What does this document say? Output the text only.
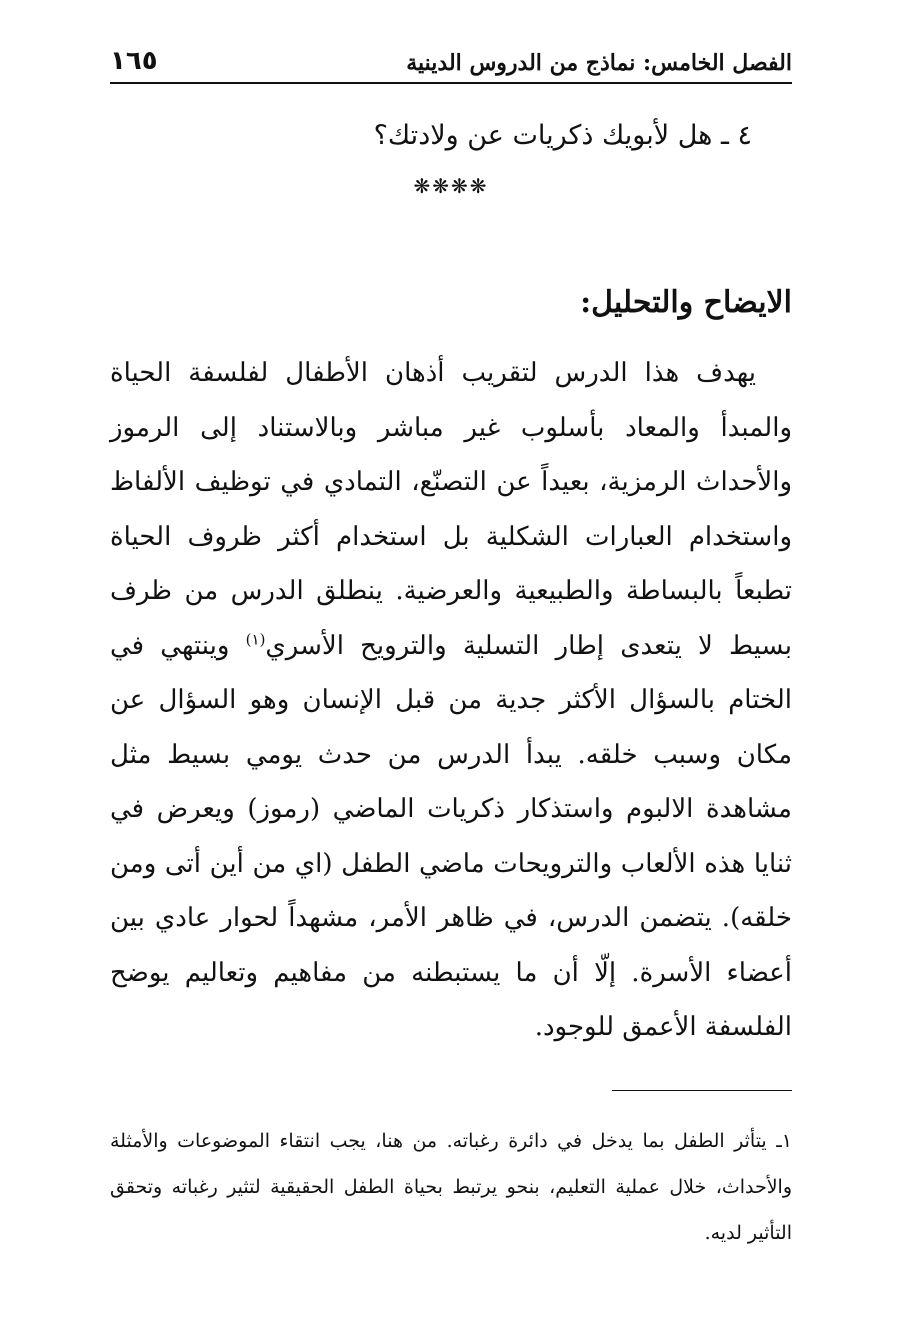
الفصل الخامس: نماذج من الدروس الدينية
١٦٥
٤ ـ هل لأبويك ذكريات عن ولادتك؟
❋❋❋❋
الايضاح والتحليل:

يهدف هذا الدرس لتقريب أذهان الأطفال لفلسفة الحياة والمبدأ والمعاد بأسلوب غير مباشر وبالاستناد إلى الرموز والأحداث الرمزية، بعيداً عن التصنّع، التمادي في توظيف الألفاظ واستخدام العبارات الشكلية بل استخدام أكثر ظروف الحياة تطبعاً بالبساطة والطبيعية والعرضية. ينطلق الدرس من ظرف بسيط لا يتعدى إطار التسلية والترويح الأسري$^{(١)}$ وينتهي في الختام بالسؤال الأكثر جدية من قبل الإنسان وهو السؤال عن مكان وسبب خلقه. يبدأ الدرس من حدث يومي بسيط مثل مشاهدة الالبوم واستذكار ذكريات الماضي (رموز) ويعرض في ثنايا هذه الألعاب والترويحات ماضي الطفل (اي من أين أتى ومن خلقه). يتضمن الدرس، في ظاهر الأمر، مشهداً لحوار عادي بين أعضاء الأسرة. إلّا أن ما يستبطنه من مفاهيم وتعاليم يوضح الفلسفة الأعمق للوجود.

١ـ يتأثر الطفل بما يدخل في دائرة رغباته. من هنا، يجب انتقاء الموضوعات والأمثلة والأحداث، خلال عملية التعليم، بنحو يرتبط بحياة الطفل الحقيقية لتثير رغباته وتحقق التأثير لديه.
